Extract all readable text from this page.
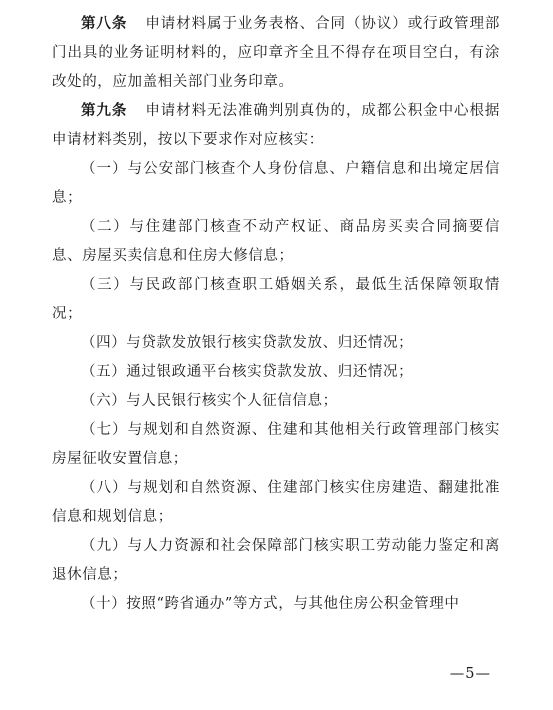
第八条 申请材料属于业务表格、合同（协议）或行政管理部门出具的业务证明材料的，应印章齐全且不得存在项目空白，有涂改处的，应加盖相关部门业务印章。

第九条 申请材料无法准确判别真伪的，成都公积金中心根据申请材料类别，按以下要求作对应核实：

（一）与公安部门核查个人身份信息、户籍信息和出境定居信息；

（二）与住建部门核查不动产权证、商品房买卖合同摘要信息、房屋买卖信息和住房大修信息；

（三）与民政部门核查职工婚姻关系，最低生活保障领取情况；

（四）与贷款发放银行核实贷款发放、归还情况；

（五）通过银政通平台核实贷款发放、归还情况；

（六）与人民银行核实个人征信信息；

（七）与规划和自然资源、住建和其他相关行政管理部门核实房屋征收安置信息；

（八）与规划和自然资源、住建部门核实住房建造、翻建批准信息和规划信息；

（九）与人力资源和社会保障部门核实职工劳动能力鉴定和离退休信息；

（十）按照“跨省通办”等方式，与其他住房公积金管理中

—5—
